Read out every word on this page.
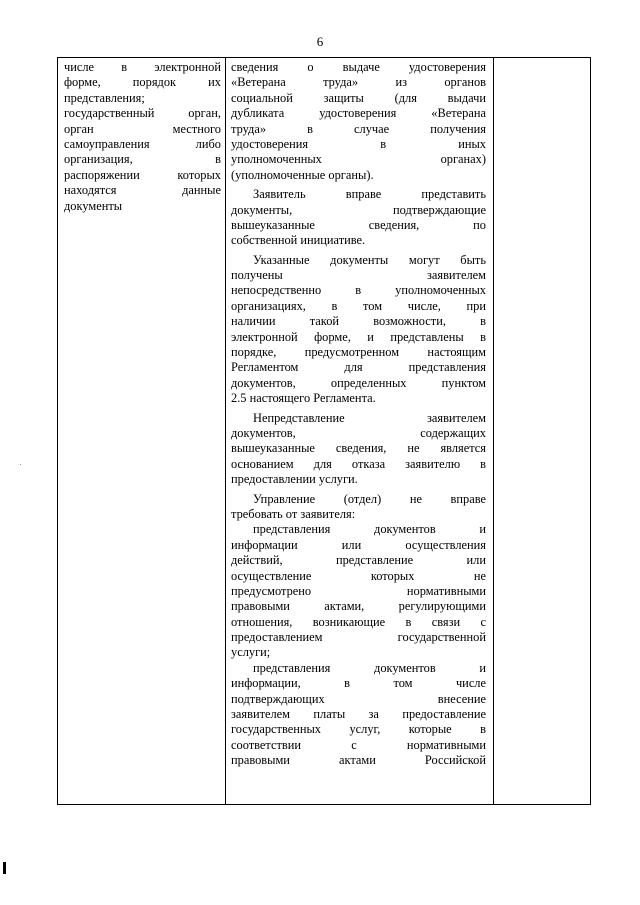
6
числе в электронной
форме, порядок их
представления;
государственный орган,
орган местного
самоуправления либо
организация, в
распоряжении которых
находятся данные
документы
сведения о выдаче удостоверения
«Ветерана труда» из органов
социальной защиты (для выдачи
дубликата удостоверения «Ветерана
труда» в случае получения
удостоверения в иных
уполномоченных органах)
(уполномоченные органы).
Заявитель вправе представить
документы, подтверждающие
вышеуказанные сведения, по
собственной инициативе.
Указанные документы могут быть
получены заявителем
непосредственно в уполномоченных
организациях, в том числе, при
наличии такой возможности, в
электронной форме, и представлены в
порядке, предусмотренном настоящим
Регламентом для представления
документов, определенных пунктом
2.5 настоящего Регламента.
Непредставление заявителем
документов, содержащих
вышеуказанные сведения, не является
основанием для отказа заявителю в
предоставлении услуги.
Управление (отдел) не вправе
требовать от заявителя:
представления документов и
информации или осуществления
действий, представление или
осуществление которых не
предусмотрено нормативными
правовыми актами, регулирующими
отношения, возникающие в связи с
предоставлением государственной
услуги;
представления документов и
информации, в том числе
подтверждающих внесение
заявителем платы за предоставление
государственных услуг, которые в
соответствии с нормативными
правовыми актами Российской
